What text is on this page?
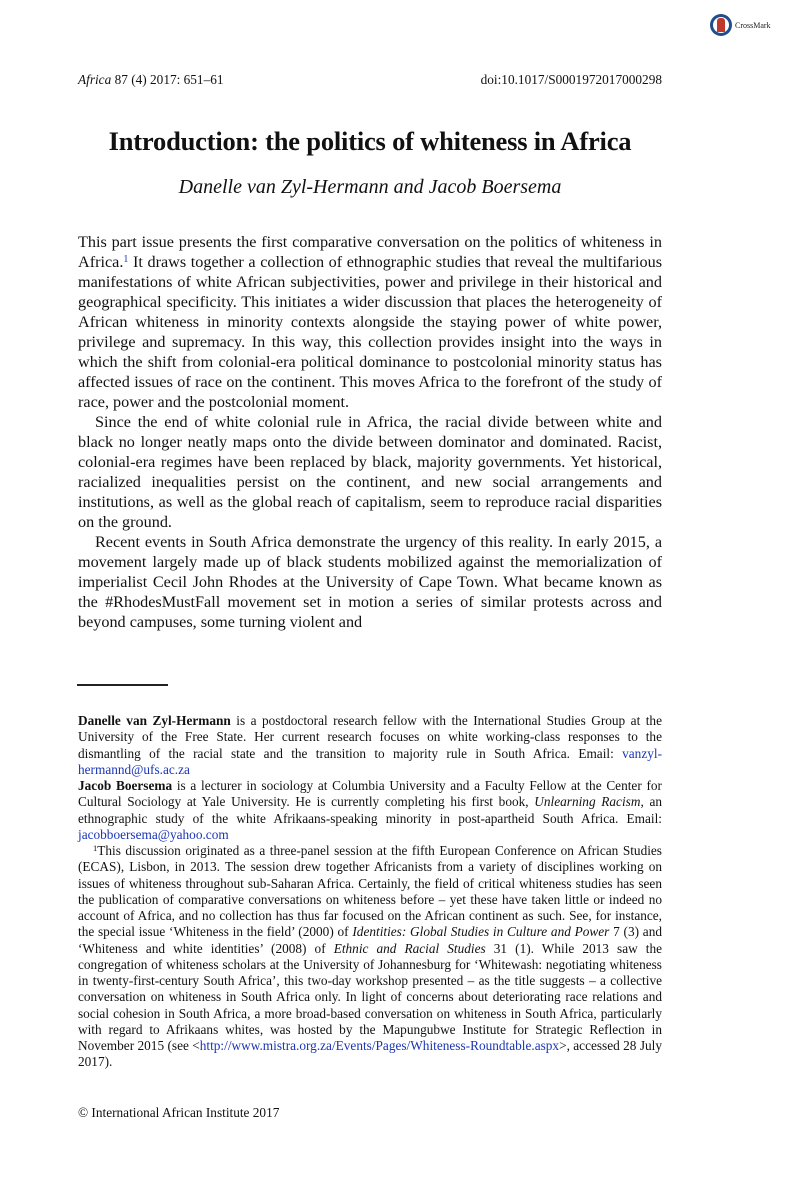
CrossMark
Africa 87 (4) 2017: 651–61	doi:10.1017/S0001972017000298
Introduction: the politics of whiteness in Africa
Danelle van Zyl-Hermann and Jacob Boersema

This part issue presents the first comparative conversation on the politics of whiteness in Africa.$^1$ It draws together a collection of ethnographic studies that reveal the multifarious manifestations of white African subjectivities, power and privilege in their historical and geographical specificity. This initiates a wider discussion that places the heterogeneity of African whiteness in minority contexts alongside the staying power of white power, privilege and supremacy. In this way, this collection provides insight into the ways in which the shift from colonial-era political dominance to postcolonial minority status has affected issues of race on the continent. This moves Africa to the forefront of the study of race, power and the postcolonial moment.

Since the end of white colonial rule in Africa, the racial divide between white and black no longer neatly maps onto the divide between dominator and dominated. Racist, colonial-era regimes have been replaced by black, majority governments. Yet historical, racialized inequalities persist on the continent, and new social arrangements and institutions, as well as the global reach of capitalism, seem to reproduce racial disparities on the ground.

Recent events in South Africa demonstrate the urgency of this reality. In early 2015, a movement largely made up of black students mobilized against the memorialization of imperialist Cecil John Rhodes at the University of Cape Town. What became known as the #RhodesMustFall movement set in motion a series of similar protests across and beyond campuses, some turning violent and

Danelle van Zyl-Hermann is a postdoctoral research fellow with the International Studies Group at the University of the Free State. Her current research focuses on white working-class responses to the dismantling of the racial state and the transition to majority rule in South Africa. Email: vanzyl-hermannd@ufs.ac.za

Jacob Boersema is a lecturer in sociology at Columbia University and a Faculty Fellow at the Center for Cultural Sociology at Yale University. He is currently completing his first book, Unlearning Racism, an ethnographic study of the white Afrikaans-speaking minority in post-apartheid South Africa. Email: jacobboersema@yahoo.com

$^1$This discussion originated as a three-panel session at the fifth European Conference on African Studies (ECAS), Lisbon, in 2013. The session drew together Africanists from a variety of disciplines working on issues of whiteness throughout sub-Saharan Africa. Certainly, the field of critical whiteness studies has seen the publication of comparative conversations on whiteness before – yet these have taken little or indeed no account of Africa, and no collection has thus far focused on the African continent as such. See, for instance, the special issue ‘Whiteness in the field’ (2000) of Identities: Global Studies in Culture and Power 7 (3) and ‘Whiteness and white identities’ (2008) of Ethnic and Racial Studies 31 (1). While 2013 saw the congregation of whiteness scholars at the University of Johannesburg for ‘Whitewash: negotiating whiteness in twenty-first-century South Africa’, this two-day workshop presented – as the title suggests – a collective conversation on whiteness in South Africa only. In light of concerns about deteriorating race relations and social cohesion in South Africa, a more broad-based conversation on whiteness in South Africa, particularly with regard to Afrikaans whites, was hosted by the Mapungubwe Institute for Strategic Reflection in November 2015 (see <http://www.mistra.org.za/Events/Pages/Whiteness-Roundtable.aspx>, accessed 28 July 2017).

© International African Institute 2017
